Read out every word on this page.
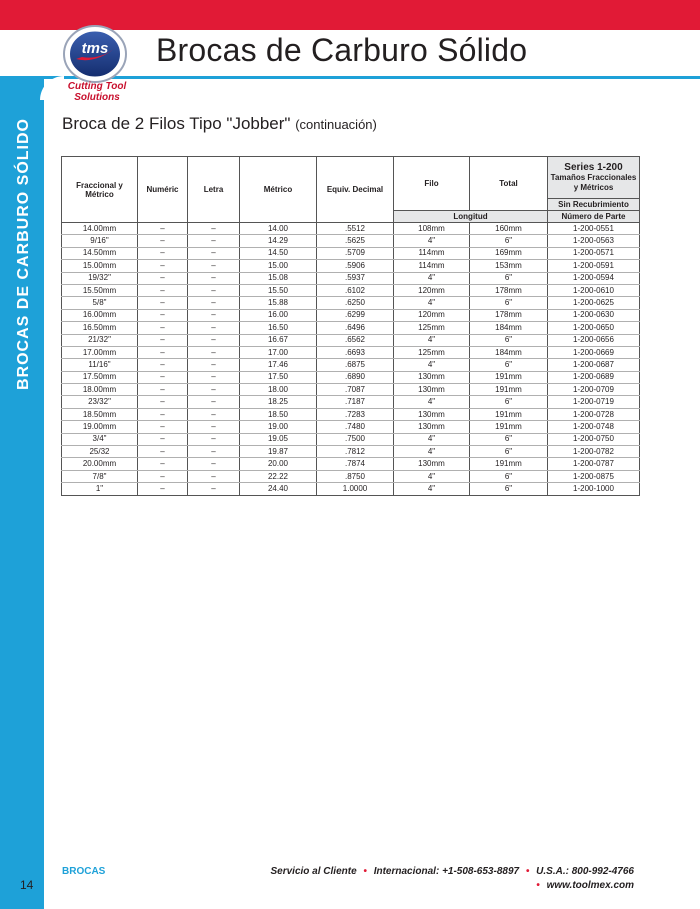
tms
Cutting Tool
Solutions
Brocas de Carburo Sólido
BROCAS DE CARBURO SÓLIDO Broca de 2 Filos Tipo "Jobber" (continuación)
Fraccional y Métrico	Numéric	Letra	Métrico	Equiv. Decimal	Filo	Total	Series 1-200
Tamaños Fraccionales y Métricos
							Sin Recubrimiento
					Longitud		Número de Parte
14.00mm	–	–	14.00	.5512	108mm	160mm	1-200-0551
9/16"	–	–	14.29	.5625	4"	6"	1-200-0563
14.50mm	–	–	14.50	.5709	114mm	169mm	1-200-0571
15.00mm	–	–	15.00	.5906	114mm	153mm	1-200-0591
19/32"	–	–	15.08	.5937	4"	6"	1-200-0594
15.50mm	–	–	15.50	.6102	120mm	178mm	1-200-0610
5/8"	–	–	15.88	.6250	4"	6"	1-200-0625
16.00mm	–	–	16.00	.6299	120mm	178mm	1-200-0630
16.50mm	–	–	16.50	.6496	125mm	184mm	1-200-0650
21/32"	–	–	16.67	.6562	4"	6"	1-200-0656
17.00mm	–	–	17.00	.6693	125mm	184mm	1-200-0669
11/16"	–	–	17.46	.6875	4"	6"	1-200-0687
17.50mm	–	–	17.50	.6890	130mm	191mm	1-200-0689
18.00mm	–	–	18.00	.7087	130mm	191mm	1-200-0709
23/32"	–	–	18.25	.7187	4"	6"	1-200-0719
18.50mm	–	–	18.50	.7283	130mm	191mm	1-200-0728
19.00mm	–	–	19.00	.7480	130mm	191mm	1-200-0748
3/4"	–	–	19.05	.7500	4"	6"	1-200-0750
25/32	–	–	19.87	.7812	4"	6"	1-200-0782
20.00mm	–	–	20.00	.7874	130mm	191mm	1-200-0787
7/8"	–	–	22.22	.8750	4"	6"	1-200-0875
1"	–	–	24.40	1.0000	4"	6"	1-200-1000
BROCAS
14
Servicio al Cliente • Internacional: +1-508-653-8897 • U.S.A.: 800-992-4766
• www.toolmex.com
